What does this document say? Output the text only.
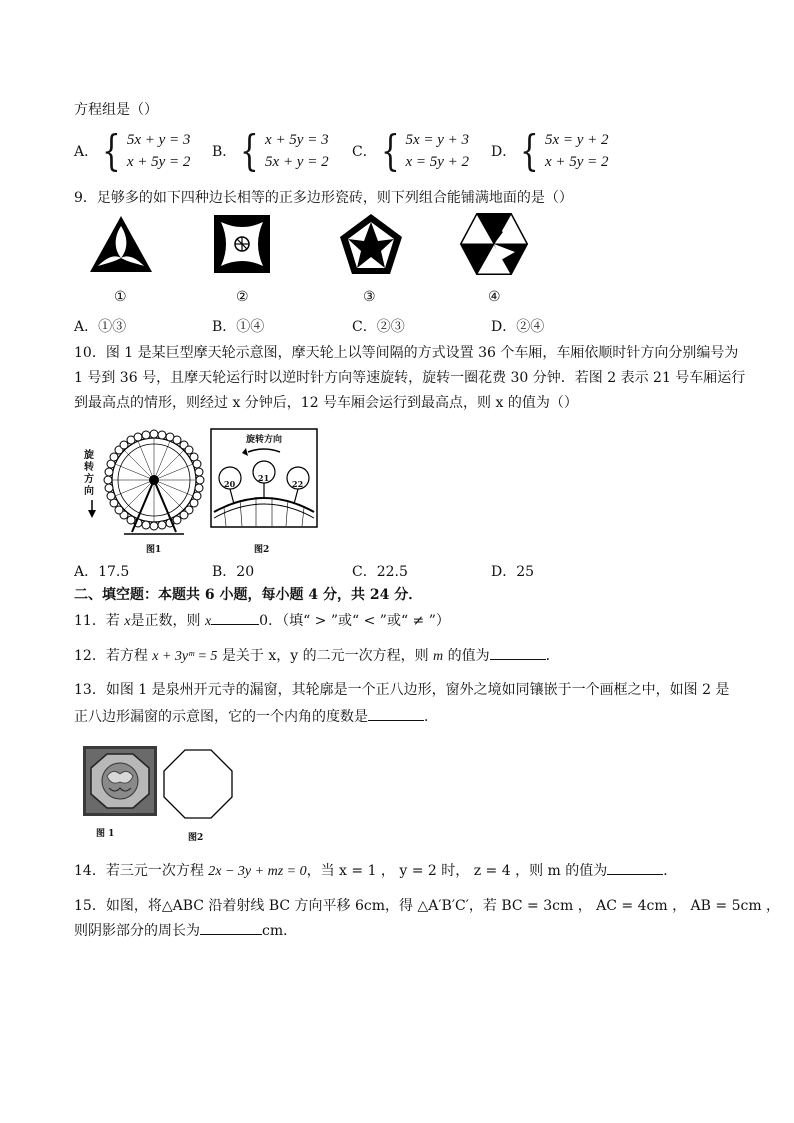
方程组是（）
A． { 5x + y = 3
x + 5y = 2
B． { x + 5y = 3
5x + y = 2
C． { 5x = y + 3
x = 5y + 2
D． { 5x = y + 2
x + 5y = 2
9．足够多的如下四种边长相等的正多边形瓷砖，则下列组合能铺满地面的是（）
①	②	③	④
A．①③	B．①④	C．②③	D．②④
10．图 1 是某巨型摩天轮示意图，摩天轮上以等间隔的方式设置 36 个车厢，车厢依顺时针方向分别编号为
1 号到 36 号，且摩天轮运行时以逆时针方向等速旋转，旋转一圈花费 30 分钟．若图 2 表示 21 号车厢运行
到最高点的情形，则经过 x 分钟后，12 号车厢会运行到最高点，则 x 的值为（）
旋转方向
图1
旋转方向
20
21
22
图2
A．17.5	B．20	C．22.5	D．25
二、填空题：本题共 6 小题，每小题 4 分，共 24 分．
11．若 x是正数，则 x	0．（填“ > ”或“ < ”或“ ≠ ”）
12．若方程 x + 3yᵐ = 5 是关于 x，y 的二元一次方程，则 m 的值为	．
13．如图 1 是泉州开元寺的漏窗，其轮廓是一个正八边形，窗外之境如同镶嵌于一个画框之中，如图 2 是
正八边形漏窗的示意图，它的一个内角的度数是	．
图 1	图2
14．若三元一次方程 2x − 3y + mz = 0，当 x = 1 ， y = 2 时， z = 4 ，则 m 的值为	．
15．如图，将△ABC 沿着射线 BC 方向平移 6cm，得 △A′B′C′，若 BC = 3cm ， AC = 4cm ， AB = 5cm ，
则阴影部分的周长为	cm．
